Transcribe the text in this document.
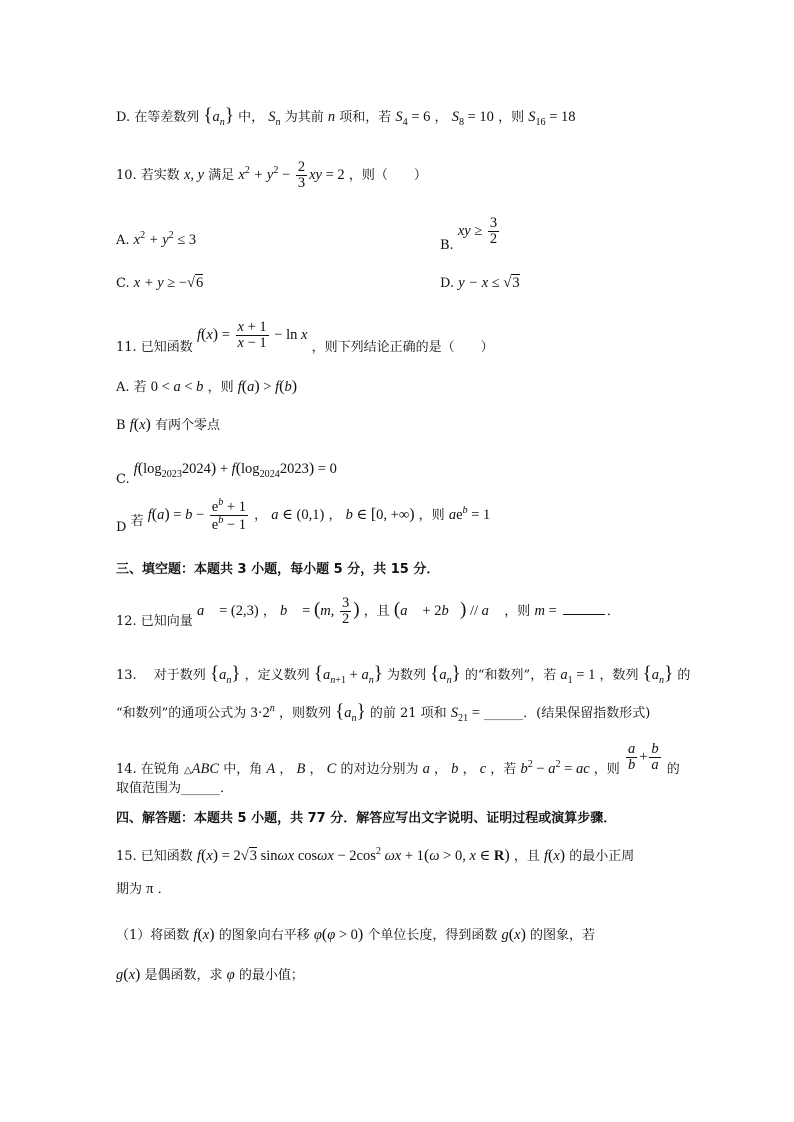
D. 在等差数列 $\{a_n\}$ 中， $S_n$ 为其前 n 项和，若 $S_4 = 6$ ， $S_8 = 10$ ，则 $S_{16} = 18$
10. 若实数 x, y 满足 $x^2 + y^2 - \frac{2}{3}$ xy = 2 ，则（　　）
A. $x^2 + y^2 \le 3$	B. xy ≥ $\frac{3}{2}$
C. x + y ≥ −√6	D. y − x ≤ √3
11. 已知函数 $f(x) = \frac{x + 1}{x - 1} - \ln x$ ，则下列结论正确的是（　　）
A. 若 0 < a < b ，则 f(a) > f(b)
B f(x) 有两个零点
C. $f(\log_{2023}2024) + f(\log_{2024}2023) = 0$
D 若 $f(a) = b - \frac{e^b + 1}{e^b - 1}$ ， a ∈ (0,1) ， b ∈ [0, +∞) ，则 $ae^b = 1$
三、填空题：本题共 3 小题，每小题 5 分，共 15 分．
12. 已知向量 a⃗ = (2,3) ， b⃗ = (m, $\frac{3}{2}$ ) ，且 (a⃗ + 2b⃗) // a⃗ ，则 m =	．
13.　 对于数列 $\{a_n\}$ ，定义数列 $\{a_{n+1} + a_n\}$ 为数列 $\{a_n\}$ 的“和数列”，若 $a_1 = 1$ ，数列 $\{a_n\}$ 的
“和数列”的通项公式为 $3\cdot 2^n$ ，则数列 $\{a_n\}$ 的前 21 项和 $S_{21}$ = ______．(结果保留指数形式)
14. 在锐角 △ABC 中，角 A ， B ， C 的对边分别为 a ， b ， c ，若 $b^2 - a^2$ = ac ，则 $\frac{a}{b} + \frac{b}{a}$ 的
取值范围为______．
四、解答题：本题共 5 小题，共 77 分．解答应写出文字说明、证明过程或演算步骤．
15. 已知函数 f(x) = 2√3 sinωx $\cos\omega x - 2\cos^2$ ωx + 1(ω > 0, x ∈ R) ，且 f(x) 的最小正周
期为 π ．
（1）将函数 f(x) 的图象向右平移 φ(φ > 0) 个单位长度，得到函数 g(x) 的图象，若
g(x) 是偶函数，求 φ 的最小值；
